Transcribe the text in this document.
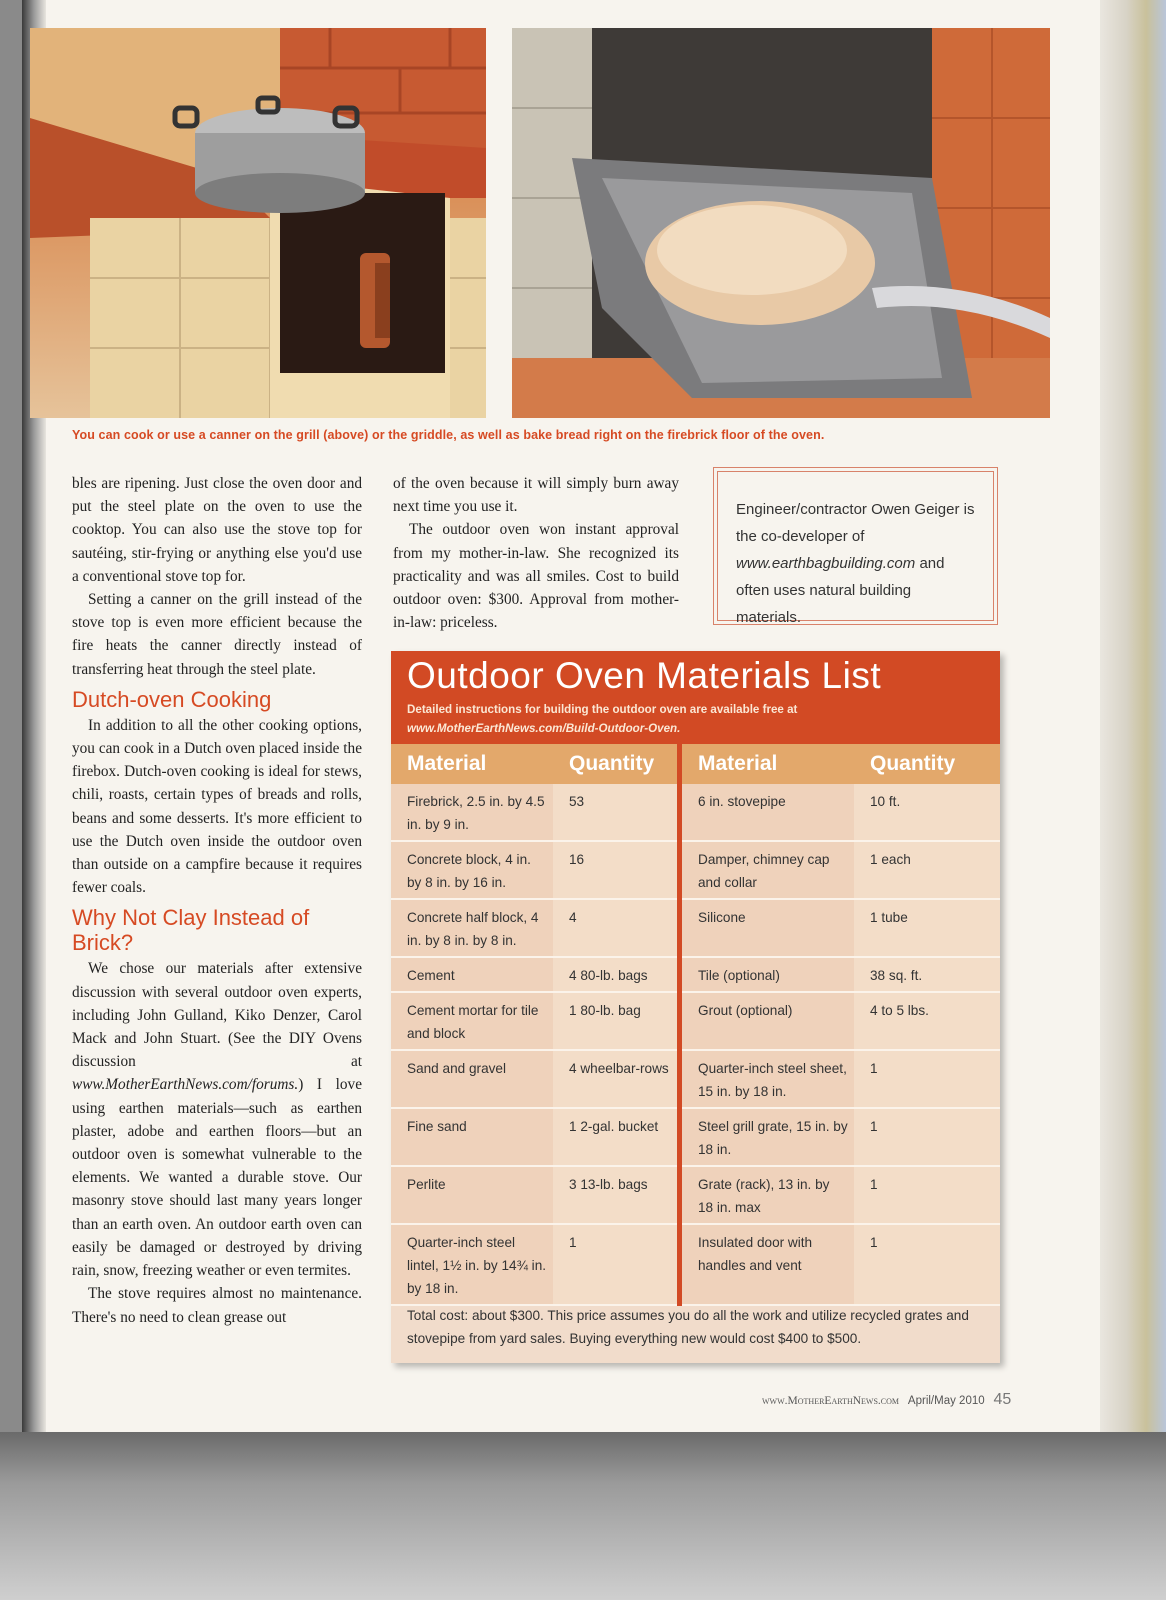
You can cook or use a canner on the grill (above) or the griddle, as well as bake bread right on the firebrick floor of the oven.

bles are ripening. Just close the oven door and put the steel plate on the oven to use the cooktop. You can also use the stove top for sautéing, stir-frying or anything else you'd use a conventional stove top for.

Setting a canner on the grill instead of the stove top is even more efficient because the fire heats the canner directly instead of transferring heat through the steel plate.

Dutch-oven Cooking

In addition to all the other cooking options, you can cook in a Dutch oven placed inside the firebox. Dutch-oven cooking is ideal for stews, chili, roasts, certain types of breads and rolls, beans and some desserts. It's more efficient to use the Dutch oven inside the outdoor oven than outside on a campfire because it requires fewer coals.

Why Not Clay Instead of Brick?

We chose our materials after extensive discussion with several outdoor oven experts, including John Gulland, Kiko Denzer, Carol Mack and John Stuart. (See the DIY Ovens discussion at www.MotherEarthNews.com/forums.) I love using earthen materials—such as earthen plaster, adobe and earthen floors—but an outdoor oven is somewhat vulnerable to the elements. We wanted a durable stove. Our masonry stove should last many years longer than an earth oven. An outdoor earth oven can easily be damaged or destroyed by driving rain, snow, freezing weather or even termites.

The stove requires almost no maintenance. There's no need to clean grease out

of the oven because it will simply burn away next time you use it.

The outdoor oven won instant approval from my mother-in-law. She recognized its practicality and was all smiles. Cost to build outdoor oven: $300. Approval from mother-in-law: priceless.

Engineer/contractor Owen Geiger is the co-developer of www.earthbagbuilding.com and often uses natural building materials.
Outdoor Oven Materials List
Detailed instructions for building the outdoor oven are available free at www.MotherEarthNews.com/Build-Outdoor-Oven.
Material	Quantity	Material	Quantity
Firebrick, 2.5 in. by 4.5 in. by 9 in.	53	6 in. stovepipe	10 ft.
Concrete block, 4 in. by 8 in. by 16 in.	16	Damper, chimney cap and collar	1 each
Concrete half block, 4 in. by 8 in. by 8 in.	4	Silicone	1 tube
Cement	4 80-lb. bags	Tile (optional)	38 sq. ft.
Cement mortar for tile and block	1 80-lb. bag	Grout (optional)	4 to 5 lbs.
Sand and gravel	4 wheelbar-rows	Quarter-inch steel sheet, 15 in. by 18 in.	1
Fine sand	1 2-gal. bucket	Steel grill grate, 15 in. by 18 in.	1
Perlite	3 13-lb. bags	Grate (rack), 13 in. by 18 in. max	1
Quarter-inch steel lintel, 1½ in. by 14¾ in. by 18 in.	1	Insulated door with handles and vent	1
Total cost: about $300. This price assumes you do all the work and utilize recycled grates and stovepipe from yard sales. Buying everything new would cost $400 to $500.
www.MotherEarthNews.com April/May 2010 45
